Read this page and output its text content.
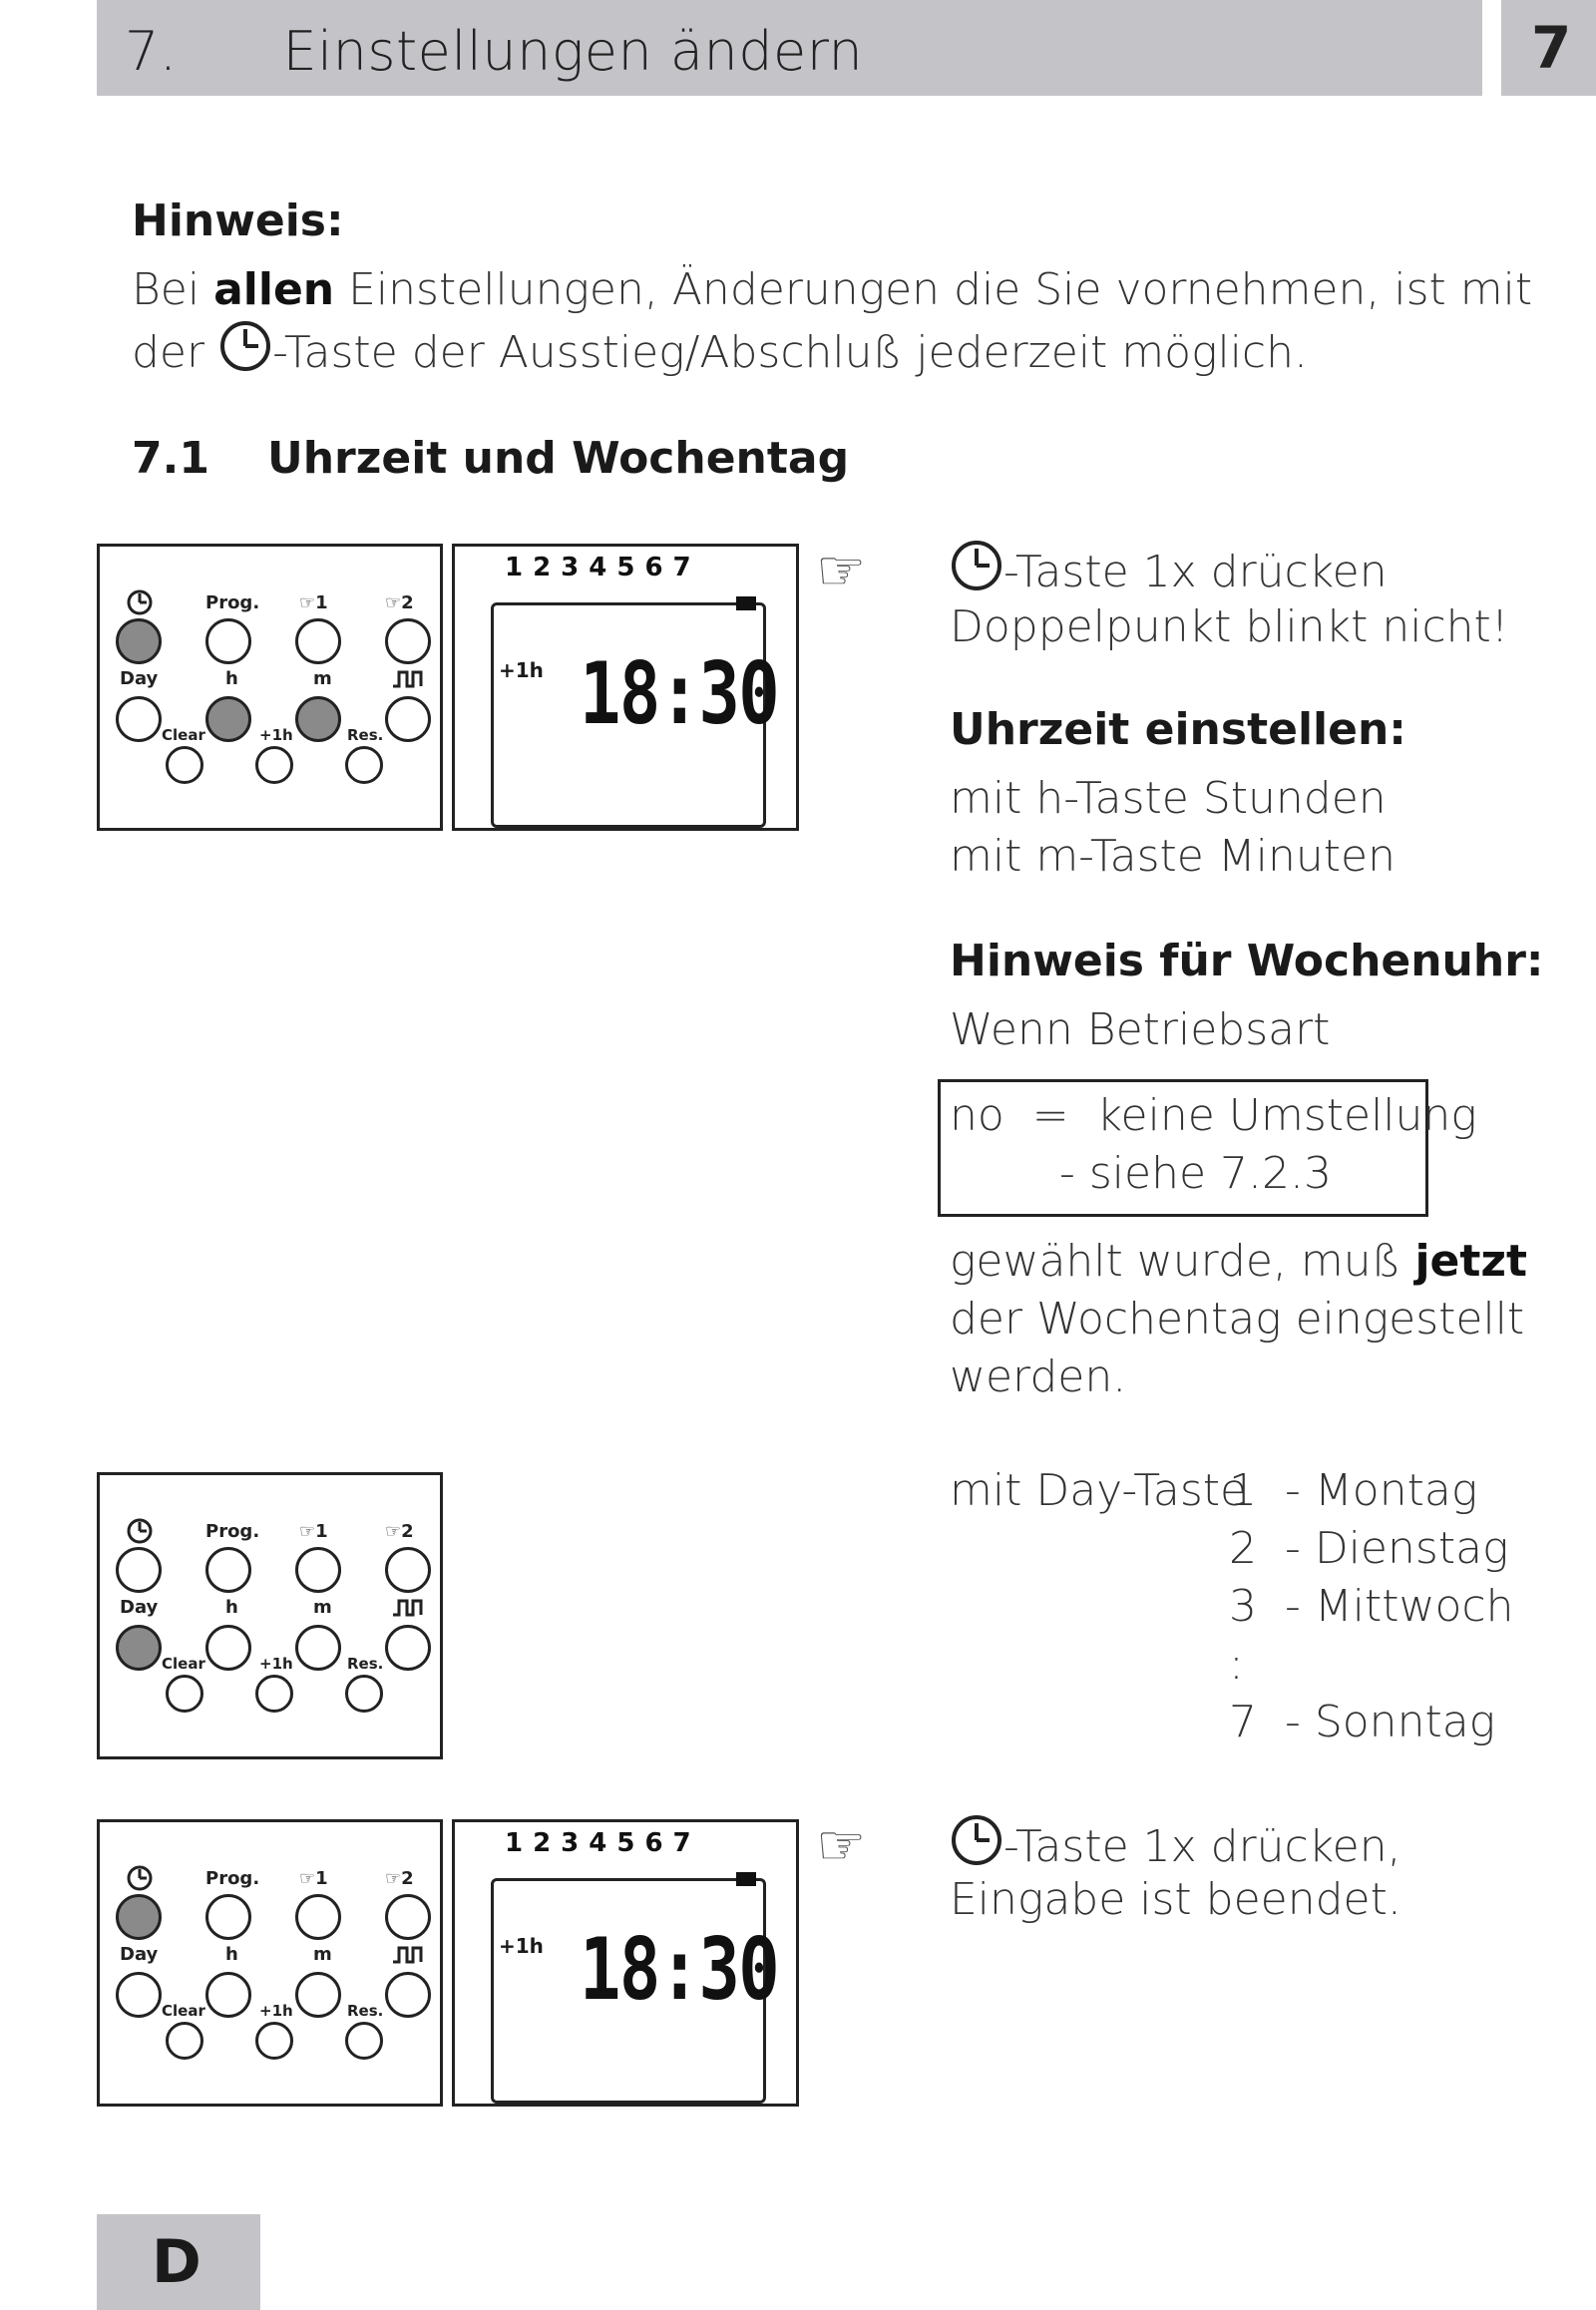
7. Einstellungen ändern	7
Hinweis:
Bei allen Einstellungen, Änderungen die Sie vornehmen, ist mit
der -Taste der Ausstieg/Abschluß jederzeit möglich.
7.1 Uhrzeit und Wochentag
Prog. ☞1	☞2
Day	h	m
Clear	+1h	Res.
1234567
+1h 18:30
☞	-Taste 1x drücken
Doppelpunkt blinkt nicht!
Uhrzeit einstellen:
mit h-Taste Stunden
mit m-Taste Minuten
Hinweis für Wochenuhr:
Wenn Betriebsart
no  =  keine Umstellung
- siehe 7.2.3
gewählt wurde, muß jetzt
der Wochentag eingestellt
werden.
Prog. ☞1	☞2
Day	h	m
Clear	+1h	Res.
mit Day-Taste
1  - Montag
2  - Dienstag
3  - Mittwoch
:
7  - Sonntag
Prog. ☞1	☞2
Day	h	m
Clear	+1h	Res.
1234567
+1h 18:30
☞	-Taste 1x drücken,
Eingabe ist beendet.
D
